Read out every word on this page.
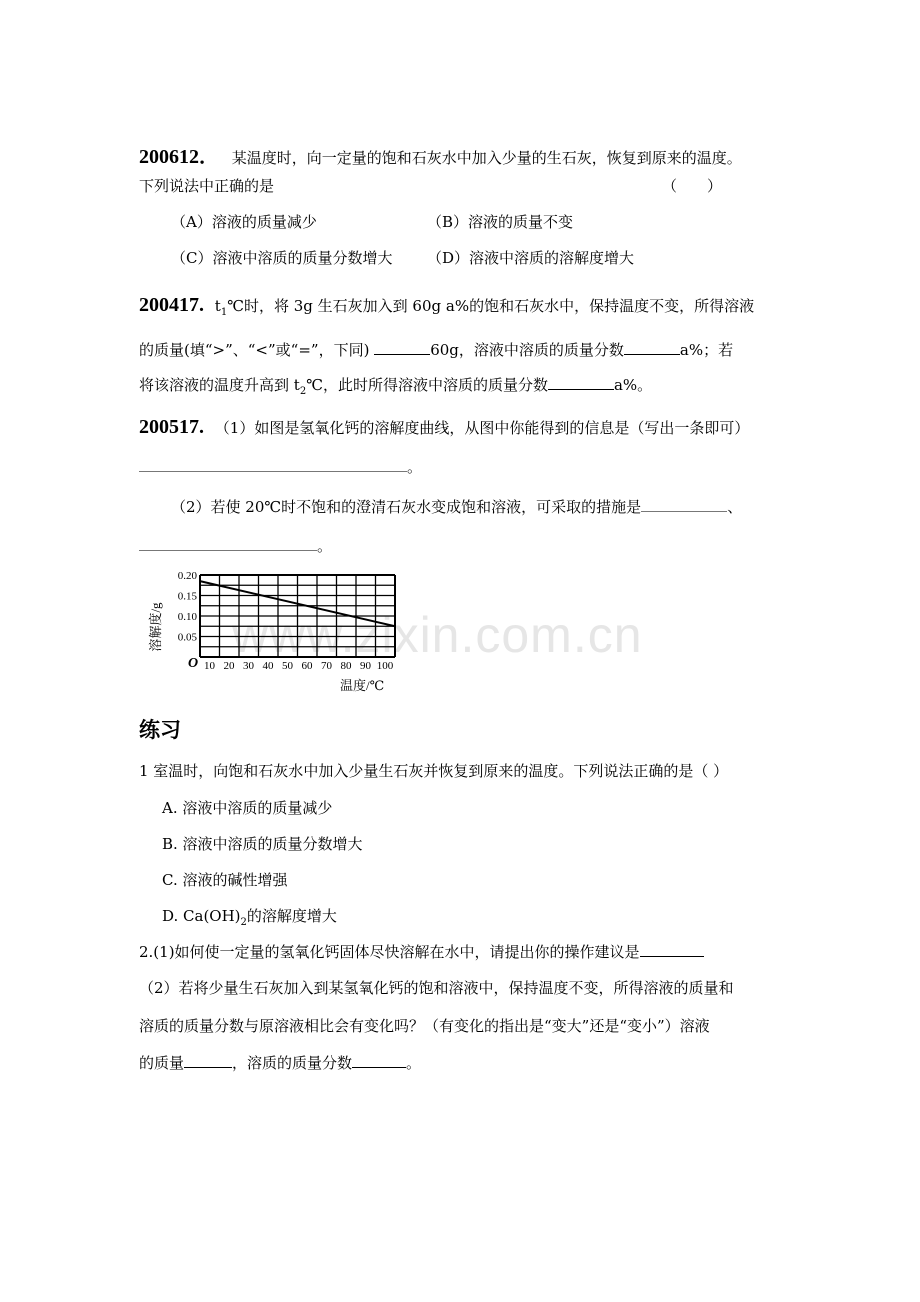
200612． 某温度时，向一定量的饱和石灰水中加入少量的生石灰，恢复到原来的温度。
下列说法中正确的是	（　　）
（A）溶液的质量减少	（B）溶液的质量不变
（C）溶液中溶质的质量分数增大 （D）溶液中溶质的溶解度增大
200417. $t_1℃$时，将 3g 生石灰加入到 60g a%的饱和石灰水中，保持温度不变，所得溶液
的质量(填“>”、“<”或“=”，下同)	60g，溶液中溶质的质量分数	a%；若
将该溶液的温度升高到 $t_2℃$，此时所得溶液中溶质的质量分数	a%。
200517. （1）如图是氢氧化钙的溶解度曲线，从图中你能得到的信息是（写出一条即可）
。
（2）若使 20℃时不饱和的澄清石灰水变成饱和溶液，可采取的措施是	、
。
www.zixin.com.cn
0.05
0.10
0.15
0.20
10 20 30 40 50 60 70 80 90 100
O
温度/℃
溶解度/g
练习
1 室温时，向饱和石灰水中加入少量生石灰并恢复到原来的温度。下列说法正确的是（ ）
A. 溶液中溶质的质量减少
B. 溶液中溶质的质量分数增大
C. 溶液的碱性增强
D. $Ca(OH)_2$的溶解度增大
2.(1)如何使一定量的氢氧化钙固体尽快溶解在水中，请提出你的操作建议是
（2）若将少量生石灰加入到某氢氧化钙的饱和溶液中，保持温度不变，所得溶液的质量和
溶质的质量分数与原溶液相比会有变化吗？（有变化的指出是“变大”还是“变小”）溶液
的质量	，溶质的质量分数	。
